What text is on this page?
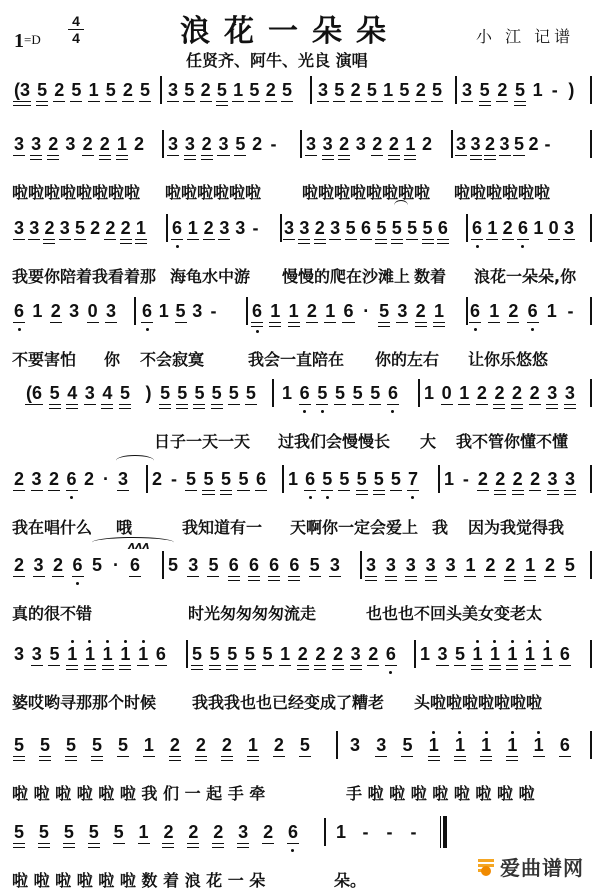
1=D
4
4	浪花一朵朵
任贤齐、阿牛、光良 演唱
小 江 记谱
(3 5 2 5 1 5 2 5 3 5 2 5 1 5 2 5 3 5 2 5 1 5 2 5 3 5 2 5 1 - )
3 3 2 3 2 2 1 2 3 3 2 3 5 2 - 3 3 2 3 2 2 1 2 3 3 2 3 5 2 -
啦啦啦啦啦啦啦啦 啦啦啦啦啦啦	啦啦啦啦啦啦啦啦 啦啦啦啦啦啦
3 3 2 3 5 2 2 2 1 6 1 2 3 3 - 3 3 2 3 5 6 5 5 5 5 6 6 1 2 6 1 0 3
我要你陪着我看着那 海龟水中游 慢慢的爬在沙滩上 数着 浪花一朵朵,你
6 1 2 3 0 3 6 1 5 3 - 6 1 1 2 1 6 · 5 3 2 1 6 1 2 6 1 -
不要害怕 你 不会寂寞	我会一直陪在 你的左右 让你乐悠悠
(6 5 4 3 4 5 ) 5 5 5 5 5 5 1 6 5 5 5 5 6 1 0 1 2 2 2 2 3 3
日子一天一天 过我们会慢慢长 大 我不管你懂不懂
2 3 2 6 2 · 3 2 - 5 5 5 5 6 1 6 5 5 5 5 5 7 1 - 2 2 2 2 3 3
我在唱什么 哦	我知道有一 天啊你一定会爱上 我 因为我觉得我
2 3 2 6 5 · 6 5 3 5 6 6 6 6 5 3 3 3 3 3 3 1 2 2 1 2 5
ʌʌʌ
真的很不错	时光匆匆匆匆流走	也也也不回头美女变老太
3 3 5 1 1 1 1 1 6 5 5 5 5 5 1 2 2 2 3 2 6 1 3 5 1 1 1 1 1 6
婆哎哟寻那那个时候 我我我也也已经变成了糟老 头啦啦啦啦啦啦啦
5 5 5 5 5 1 2 2 2 1 2 5 3 3 5 1 1 1 1 1 6
啦 啦 啦 啦 啦 啦 我 们 一 起 手 牵	手 啦 啦 啦 啦 啦 啦 啦 啦
5 5 5 5 5 1 2 2 2 3 2 6 1 - - -
啦 啦 啦 啦 啦 啦 数 着 浪 花 一 朵	朵。
爱曲谱网
